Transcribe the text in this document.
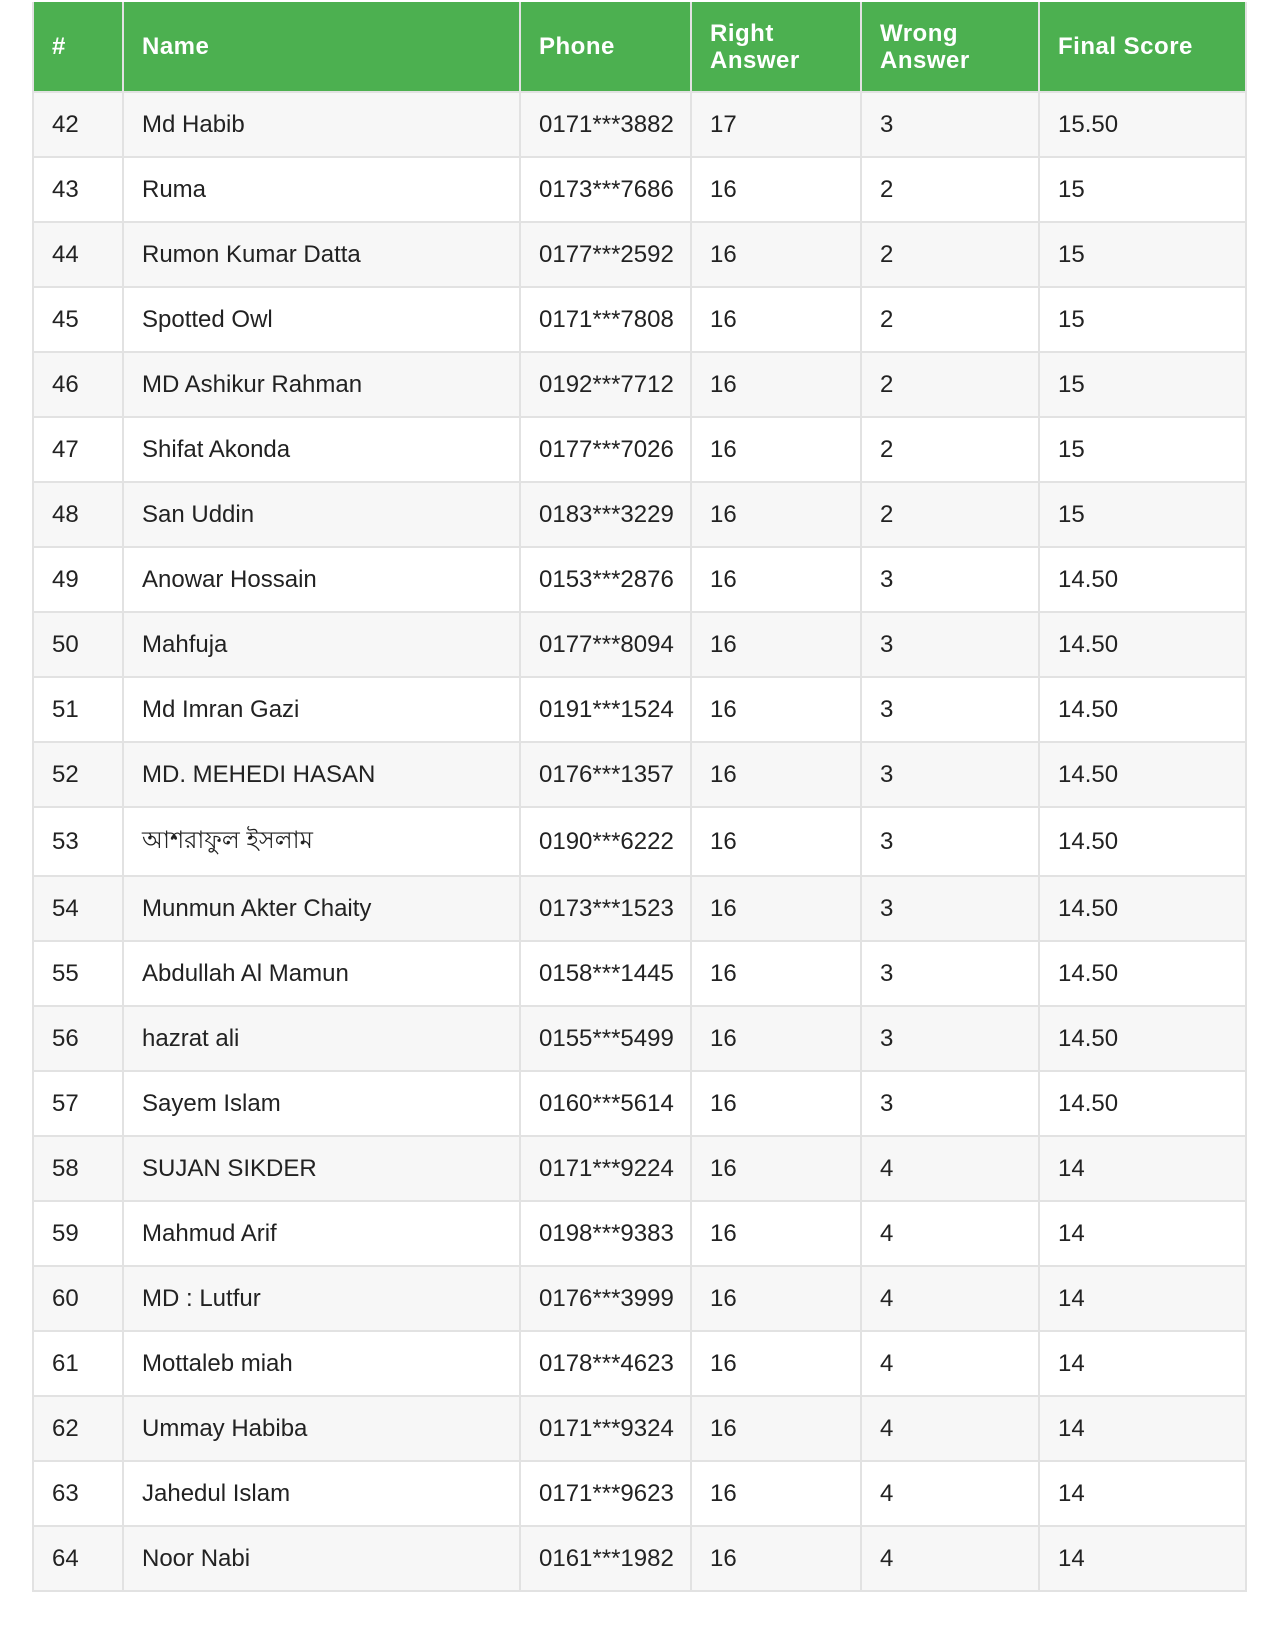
#	Name	Phone	Right Answer	Wrong Answer	Final Score
42	Md Habib	0171***3882	17	3	15.50
43	Ruma	0173***7686	16	2	15
44	Rumon Kumar Datta	0177***2592	16	2	15
45	Spotted Owl	0171***7808	16	2	15
46	MD Ashikur Rahman	0192***7712	16	2	15
47	Shifat Akonda	0177***7026	16	2	15
48	San Uddin	0183***3229	16	2	15
49	Anowar Hossain	0153***2876	16	3	14.50
50	Mahfuja	0177***8094	16	3	14.50
51	Md Imran Gazi	0191***1524	16	3	14.50
52	MD. MEHEDI HASAN	0176***1357	16	3	14.50
53	আশরাফুল ইসলাম	0190***6222	16	3	14.50
54	Munmun Akter Chaity	0173***1523	16	3	14.50
55	Abdullah Al Mamun	0158***1445	16	3	14.50
56	hazrat ali	0155***5499	16	3	14.50
57	Sayem Islam	0160***5614	16	3	14.50
58	SUJAN SIKDER	0171***9224	16	4	14
59	Mahmud Arif	0198***9383	16	4	14
60	MD : Lutfur	0176***3999	16	4	14
61	Mottaleb miah	0178***4623	16	4	14
62	Ummay Habiba	0171***9324	16	4	14
63	Jahedul Islam	0171***9623	16	4	14
64	Noor Nabi	0161***1982	16	4	14
